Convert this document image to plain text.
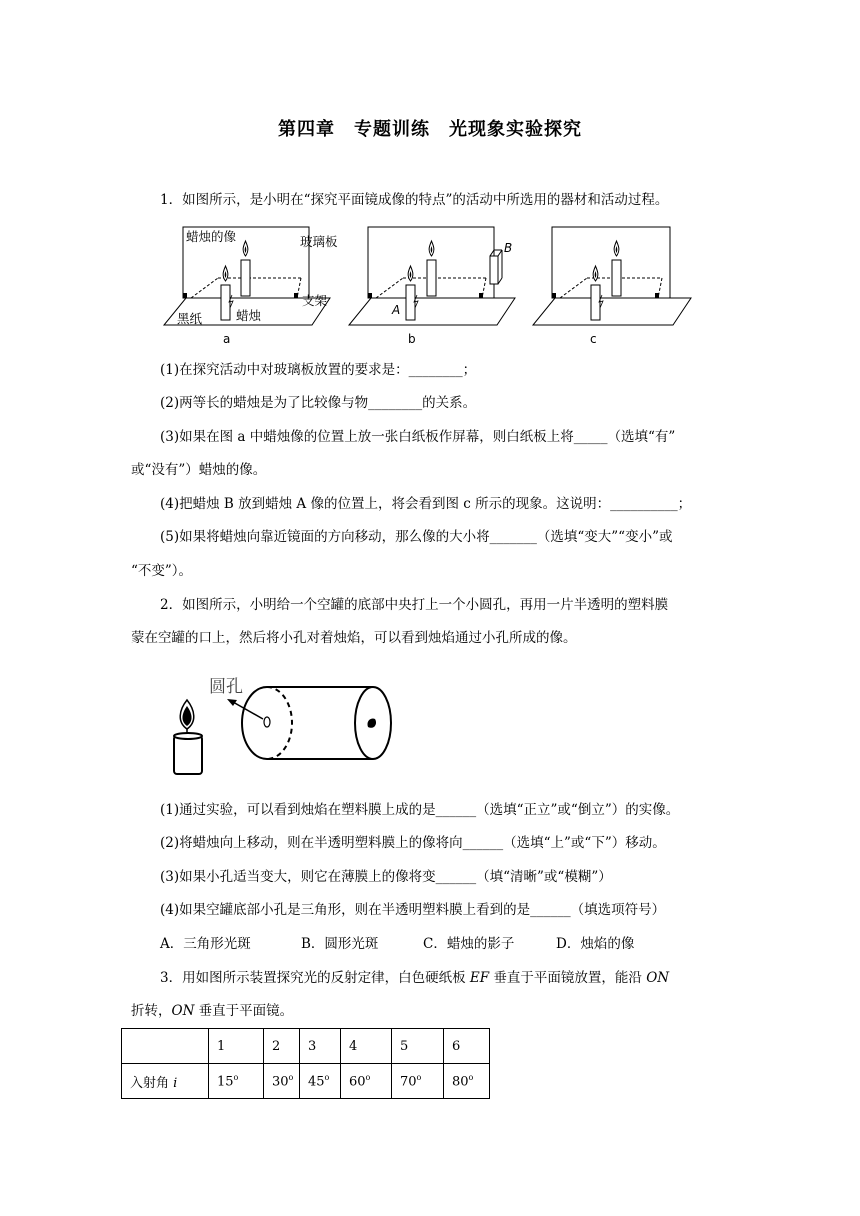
第四章　专题训练　光现象实验探究
1．如图所示，是小明在“探究平面镜成像的特点”的活动中所选用的器材和活动过程。
蜡烛的像	玻璃板
支架
黑纸	蜡烛
a
A
B
b	c
(1)在探究活动中对玻璃板放置的要求是：________；
(2)两等长的蜡烛是为了比较像与物________的关系。
(3)如果在图 a 中蜡烛像的位置上放一张白纸板作屏幕，则白纸板上将_____（选填“有”
或“没有”）蜡烛的像。
(4)把蜡烛 B 放到蜡烛 A 像的位置上，将会看到图 c 所示的现象。这说明：__________；
(5)如果将蜡烛向靠近镜面的方向移动，那么像的大小将_______（选填“变大”“变小”或
“不变”）。
2．如图所示，小明给一个空罐的底部中央打上一个小圆孔，再用一片半透明的塑料膜
蒙在空罐的口上，然后将小孔对着烛焰，可以看到烛焰通过小孔所成的像。
圆孔
(1)通过实验，可以看到烛焰在塑料膜上成的是______（选填“正立”或“倒立”）的实像。
(2)将蜡烛向上移动，则在半透明塑料膜上的像将向______（选填“上”或“下”）移动。
(3)如果小孔适当变大，则它在薄膜上的像将变______（填“清晰”或“模糊”）
(4)如果空罐底部小孔是三角形，则在半透明塑料膜上看到的是______（填选项符号）
A．三角形光斑	B．圆形光斑	C．蜡烛的影子	D．烛焰的像
3．用如图所示装置探究光的反射定律，白色硬纸板 EF 垂直于平面镜放置，能沿 ON
折转，ON 垂直于平面镜。
	1	2	3	4	5	6
入射角 i	15$^o$	30$^o$	45$^o$	60$^o$	70$^o$	80$^o$
